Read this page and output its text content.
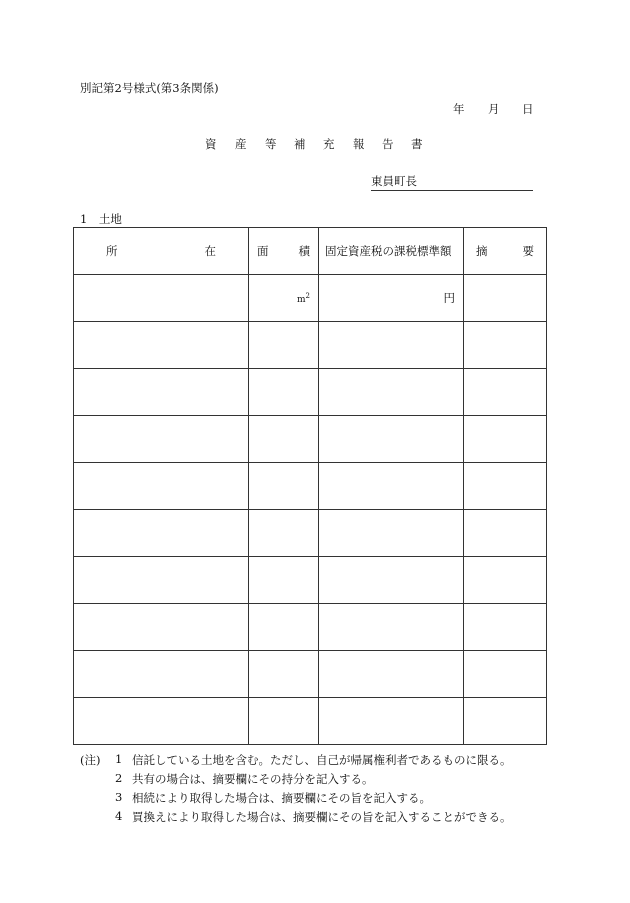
別記第2号様式(第3条関係)
年 月 日
資 産 等 補 充 報 告 書
東員町長
1　土地
所 在	面 積	固定資産税の課税標準額	摘 要

	$m^2$	円	

(注) 1 信託している土地を含む。ただし、自己が帰属権利者であるものに限る。
2 共有の場合は、摘要欄にその持分を記入する。
3 相続により取得した場合は、摘要欄にその旨を記入する。
4 買換えにより取得した場合は、摘要欄にその旨を記入することができる。
